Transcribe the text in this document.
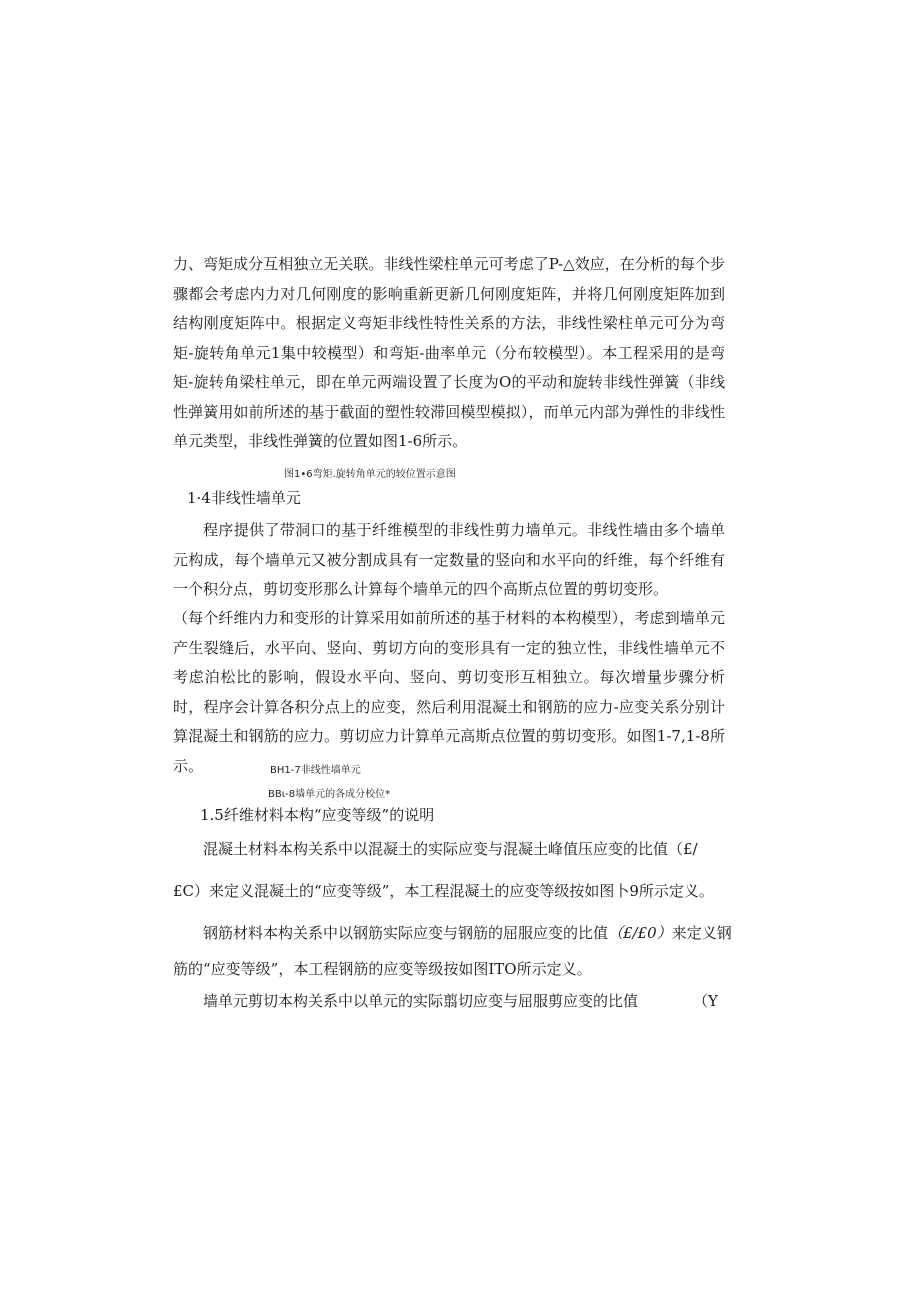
力、弯矩成分互相独立无关联。非线性梁柱单元可考虑了P-△效应，在分析的每个步骤都会考虑内力对几何刚度的影响重新更新几何刚度矩阵，并将几何刚度矩阵加到结构刚度矩阵中。根据定义弯矩非线性特性关系的方法，非线性梁柱单元可分为弯矩-旋转角单元1集中较模型）和弯矩-曲率单元（分布较模型）。本工程采用的是弯矩-旋转角梁柱单元，即在单元两端设置了长度为O的平动和旋转非线性弹簧（非线性弹簧用如前所述的基于截面的塑性较滞回模型模拟），而单元内部为弹性的非线性单元类型，非线性弹簧的位置如图1-6所示。
图1•6弯矩.旋转角单元的较位置示意图
1·4非线性墙单元
程序提供了带洞口的基于纤维模型的非线性剪力墙单元。非线性墙由多个墙单元构成，每个墙单元又被分割成具有一定数量的竖向和水平向的纤维，每个纤维有一个积分点，剪切变形那么计算每个墙单元的四个高斯点位置的剪切变形。
（每个纤维内力和变形的计算采用如前所述的基于材料的本构模型），考虑到墙单元产生裂缝后，水平向、竖向、剪切方向的变形具有一定的独立性，非线性墙单元不考虑泊松比的影响，假设水平向、竖向、剪切变形互相独立。每次增量步骤分析时，程序会计算各积分点上的应变，然后利用混凝土和钢筋的应力-应变关系分别计算混凝土和钢筋的应力。剪切应力计算单元高斯点位置的剪切变形。如图1-7,1-8所示。	BH1-7非线性墙单元
BBι-8墙单元的各成分校位*
1.5纤维材料本构“应变等级”的说明
混凝土材料本构关系中以混凝土的实际应变与混凝土峰值压应变的比值（£/
£C）来定义混凝土的“应变等级”，本工程混凝土的应变等级按如图卜9所示定义。
钢筋材料本构关系中以钢筋实际应变与钢筋的屈服应变的比值（£/£0）来定义钢
筋的“应变等级”，本工程钢筋的应变等级按如图ITO所示定义。
墙单元剪切本构关系中以单元的实际翦切应变与屈服剪应变的比值	（Y
